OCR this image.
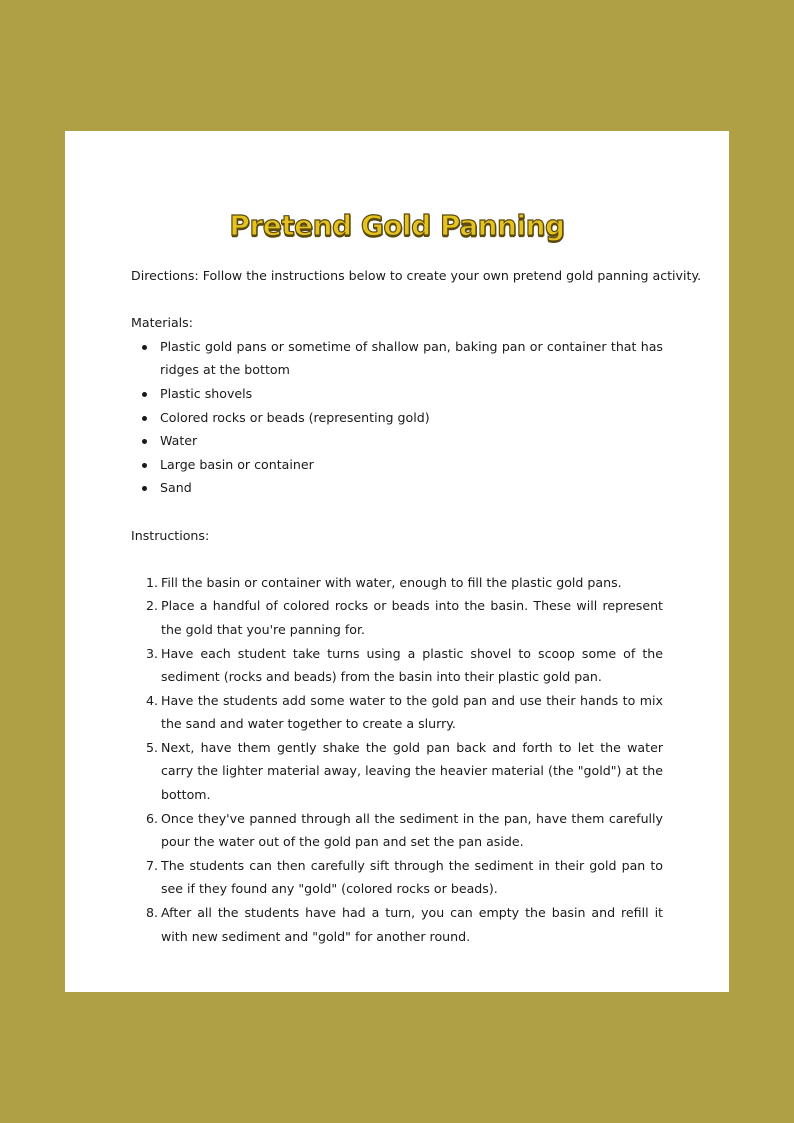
Pretend Gold Panning

Directions: Follow the instructions below to create your own pretend gold panning activity.

Materials:

Plastic gold pans or sometime of shallow pan, baking pan or container that has ridges at the bottom
Plastic shovels
Colored rocks or beads (representing gold)
Water
Large basin or container
Sand

Instructions:

1. Fill the basin or container with water, enough to fill the plastic gold pans.
2. Place a handful of colored rocks or beads into the basin. These will represent the gold that you're panning for.
3. Have each student take turns using a plastic shovel to scoop some of the sediment (rocks and beads) from the basin into their plastic gold pan.
4. Have the students add some water to the gold pan and use their hands to mix the sand and water together to create a slurry.
5. Next, have them gently shake the gold pan back and forth to let the water carry the lighter material away, leaving the heavier material (the "gold") at the bottom.
6. Once they've panned through all the sediment in the pan, have them carefully pour the water out of the gold pan and set the pan aside.
7. The students can then carefully sift through the sediment in their gold pan to see if they found any "gold" (colored rocks or beads).
8. After all the students have had a turn, you can empty the basin and refill it with new sediment and "gold" for another round.
